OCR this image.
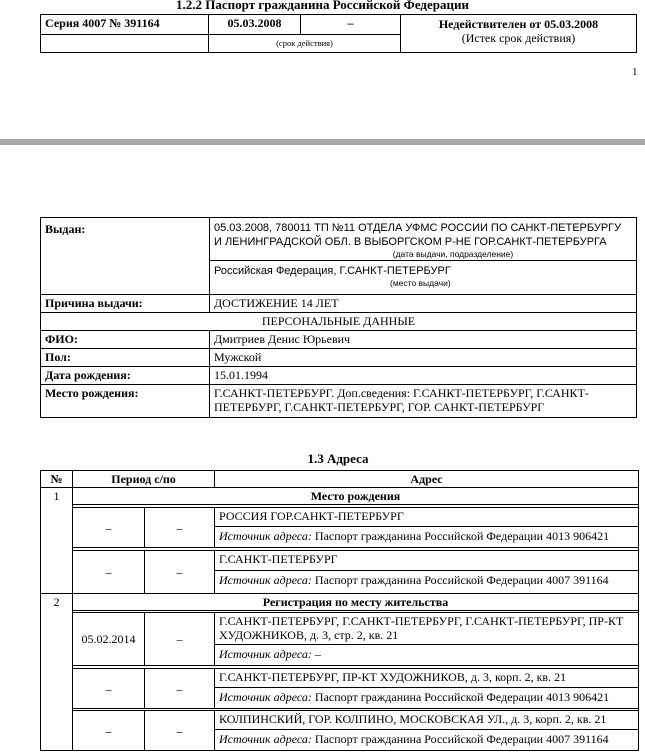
1.2.2 Паспорт гражданина Российской Федерации
Серия 4007 № 391164	05.03.2008	–	Недействителен от 05.03.2008
(Истек срок действия)

	(срок действия)		
1
Выдан:	05.03.2008, 780011 ТП №11 ОТДЕЛА УФМС РОССИИ ПО САНКТ-ПЕТЕРБУРГУ И ЛЕНИНГРАДСКОЙ ОБЛ. В ВЫБОРГСКОМ Р-НЕ ГОР.САНКТ-ПЕТЕРБУРГА
(дата выдачи, подразделение)

	Российская Федерация, Г.САНКТ-ПЕТЕРБУРГ
(место выдачи)

Причина выдачи:	ДОСТИЖЕНИЕ 14 ЛЕТ
ПЕРСОНАЛЬНЫЕ ДАННЫЕ	
ФИО:	Дмитриев Денис Юрьевич
Пол:	Мужской
Дата рождения:	15.01.1994
Место рождения:	Г.САНКТ-ПЕТЕРБУРГ. Доп.сведения: Г.САНКТ-ПЕТЕРБУРГ, Г.САНКТ-ПЕТЕРБУРГ, Г.САНКТ-ПЕТЕРБУРГ, ГОР. САНКТ-ПЕТЕРБУРГ
1.3 Адреса
№	Период с/по		Адрес
1	Место рождения		

	–	–	РОССИЯ ГОР.САНКТ-ПЕТЕРБУРГ
Источник адреса: Паспорт гражданина Российской Федерации 4013 906421

	–	–	Г.САНКТ-ПЕТЕРБУРГ
Источник адреса: Паспорт гражданина Российской Федерации 4007 391164

2	Регистрация по месту жительства		

	05.02.2014	–	Г.САНКТ-ПЕТЕРБУРГ, Г.САНКТ-ПЕТЕРБУРГ, Г.САНКТ-ПЕТЕРБУРГ, ПР-КТ ХУДОЖНИКОВ, д. 3, стр. 2, кв. 21
Источник адреса: –

	–	–	Г.САНКТ-ПЕТЕРБУРГ, ПР-КТ ХУДОЖНИКОВ, д. 3, корп. 2, кв. 21
Источник адреса: Паспорт гражданина Российской Федерации 4013 906421

	–	–	КОЛПИНСКИЙ, ГОР. КОЛПИНО, МОСКОВСКАЯ УЛ., д. 3, корп. 2, кв. 21
Источник адреса: Паспорт гражданина Российской Федерации 4007 391164
